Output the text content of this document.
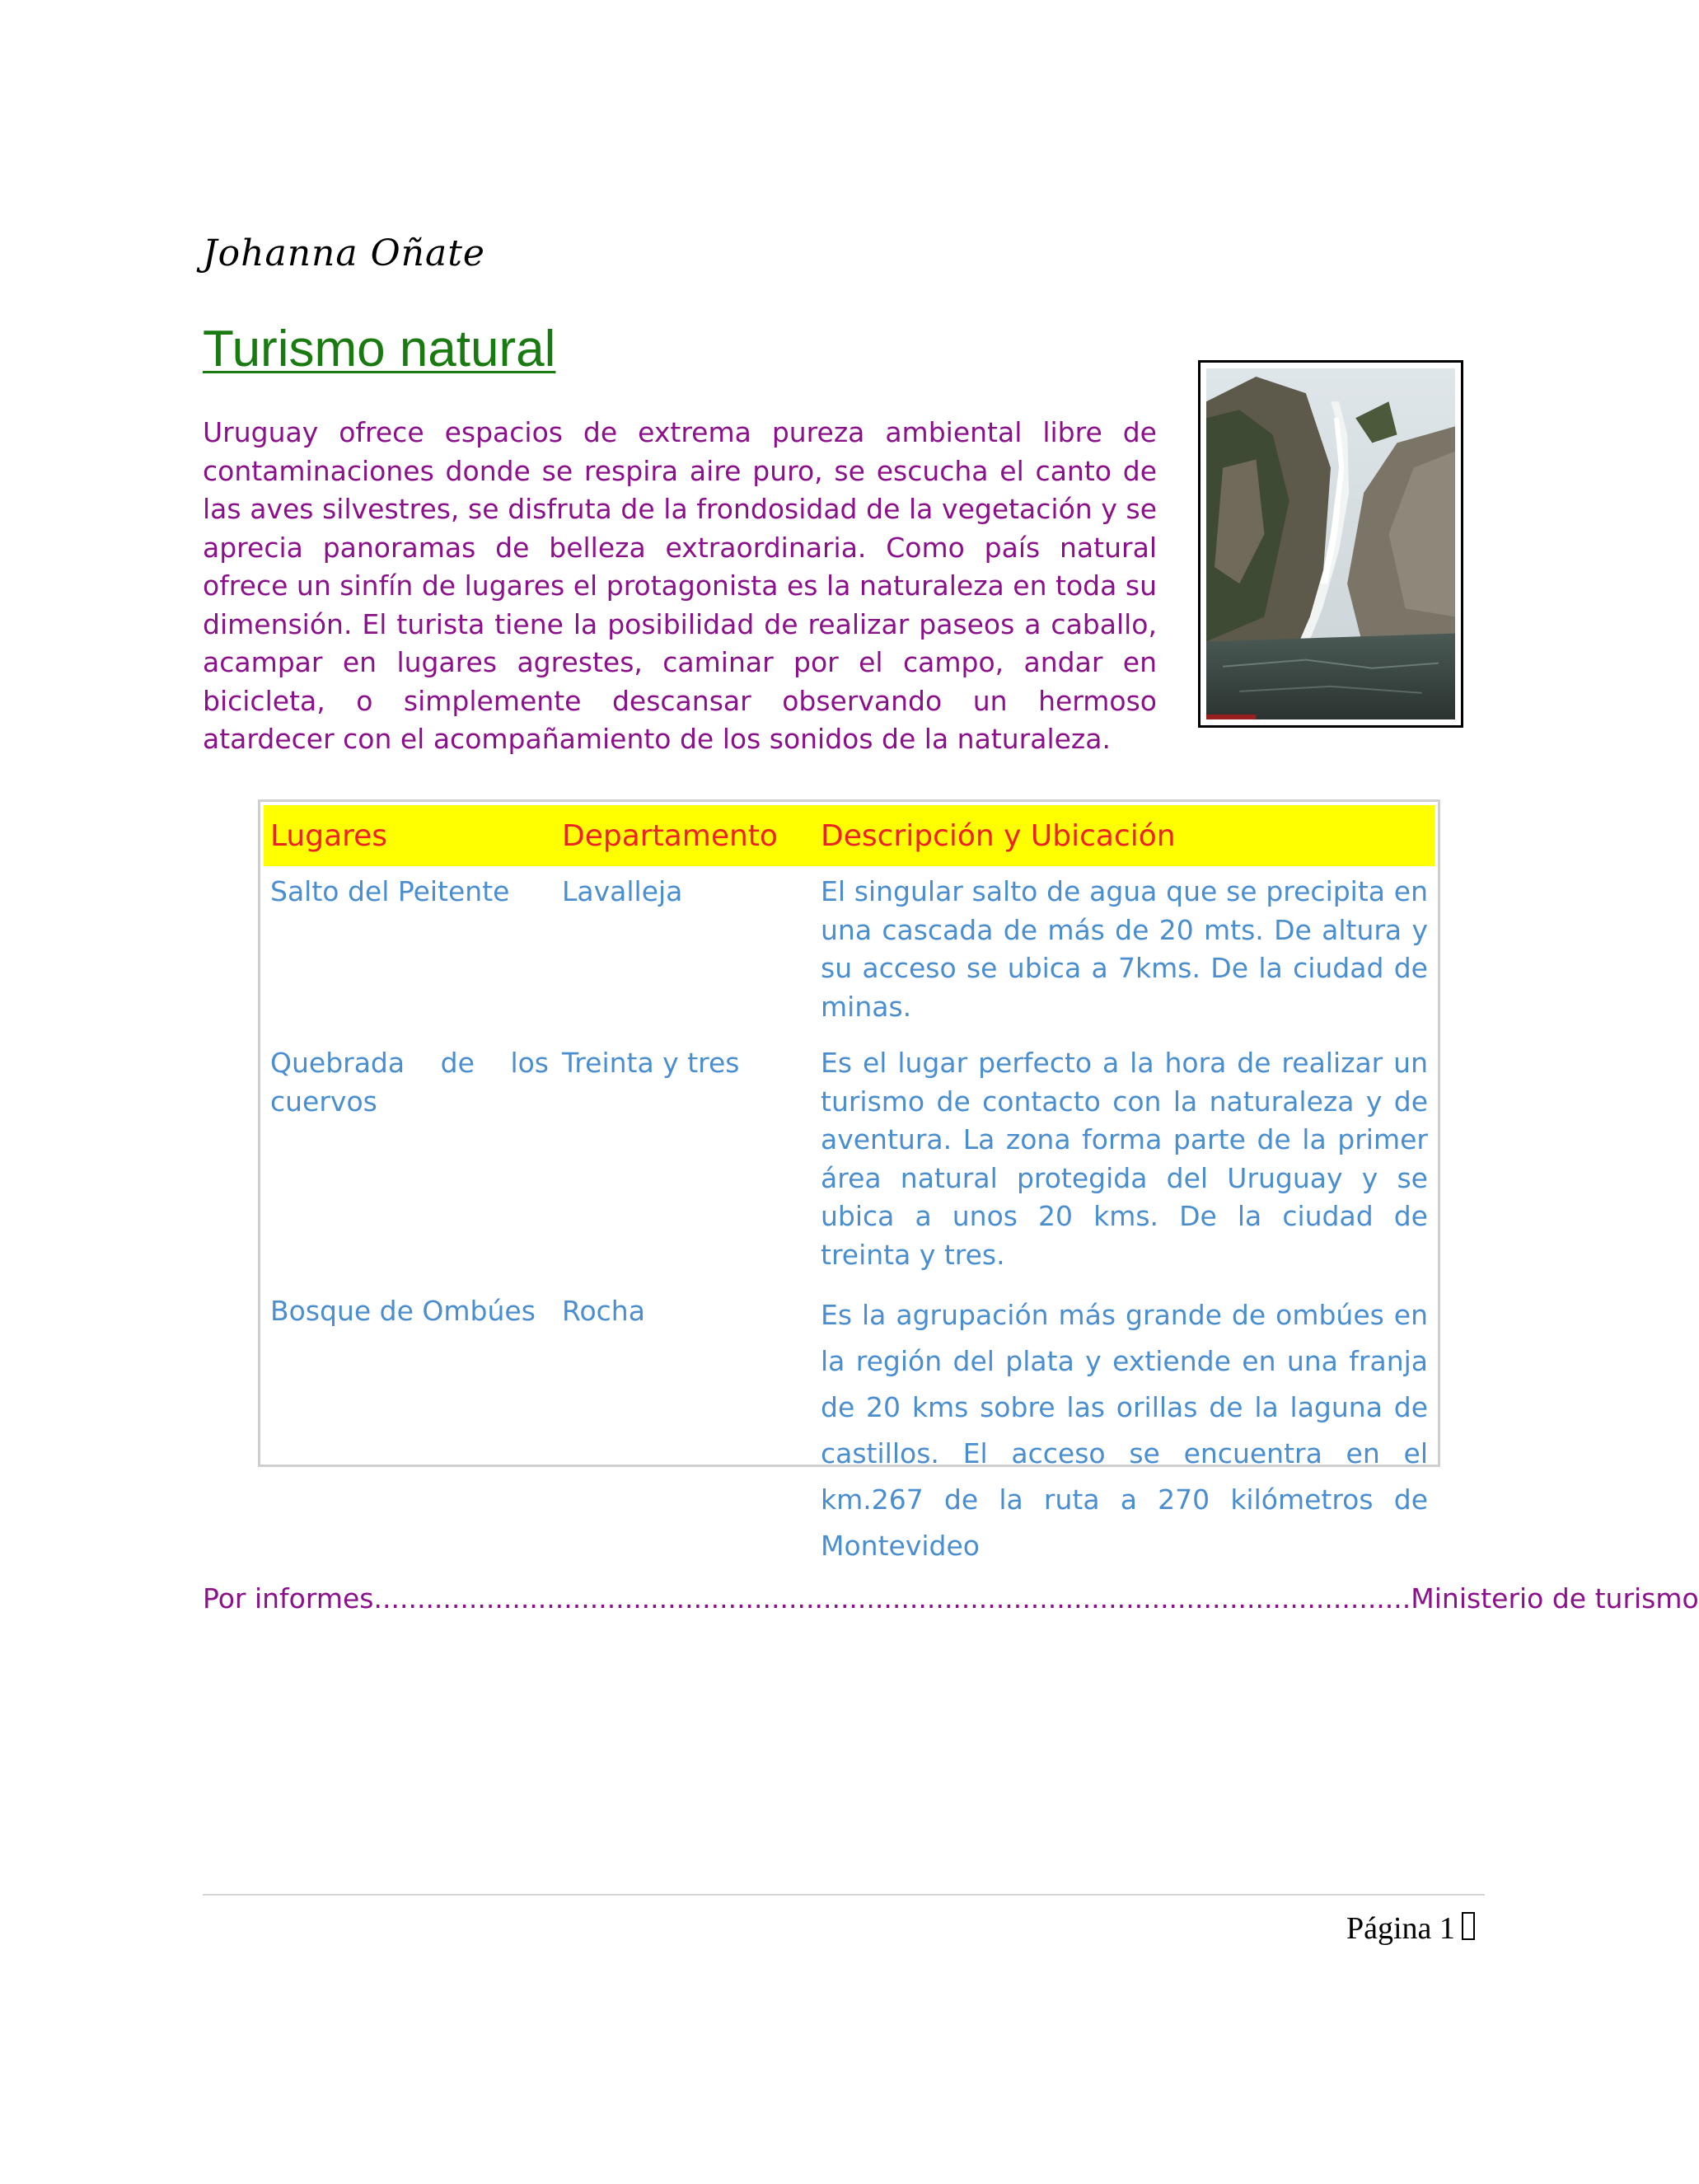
Johanna Oñate
Turismo natural

Uruguay ofrece espacios de extrema pureza ambiental libre de contaminaciones donde se respira aire puro, se escucha el canto de las aves silvestres, se disfruta de la frondosidad de la vegetación y se aprecia panoramas de belleza extraordinaria. Como país natural ofrece un sinfín de lugares el protagonista es la naturaleza en toda su dimensión. El turista tiene la posibilidad de realizar paseos a caballo, acampar en lugares agrestes, caminar por el campo, andar en bicicleta, o simplemente descansar observando un hermoso atardecer con el acompañamiento de los sonidos de la naturaleza.

Lugares	Departamento	Descripción y Ubicación
Salto del Peitente	Lavalleja	El singular salto de agua que se precipita en una cascada de más de 20 mts. De altura y su acceso se ubica a 7kms. De la ciudad de minas.
Quebrada de los cuervos	Treinta y tres	Es el lugar perfecto a la hora de realizar un turismo de contacto con la naturaleza y de aventura. La zona forma parte de la primer área natural protegida del Uruguay y se ubica a unos 20 kms. De la ciudad de treinta y tres.
Bosque de Ombúes	Rocha	Es la agrupación más grande de ombúes en la región del plata y extiende en una franja de 20 kms sobre las orillas de la laguna de castillos. El acceso se encuentra en el km.267 de la ruta a 270 kilómetros de Montevideo
Por informes........................................................................................................................Ministerio de turismo
Página 1
